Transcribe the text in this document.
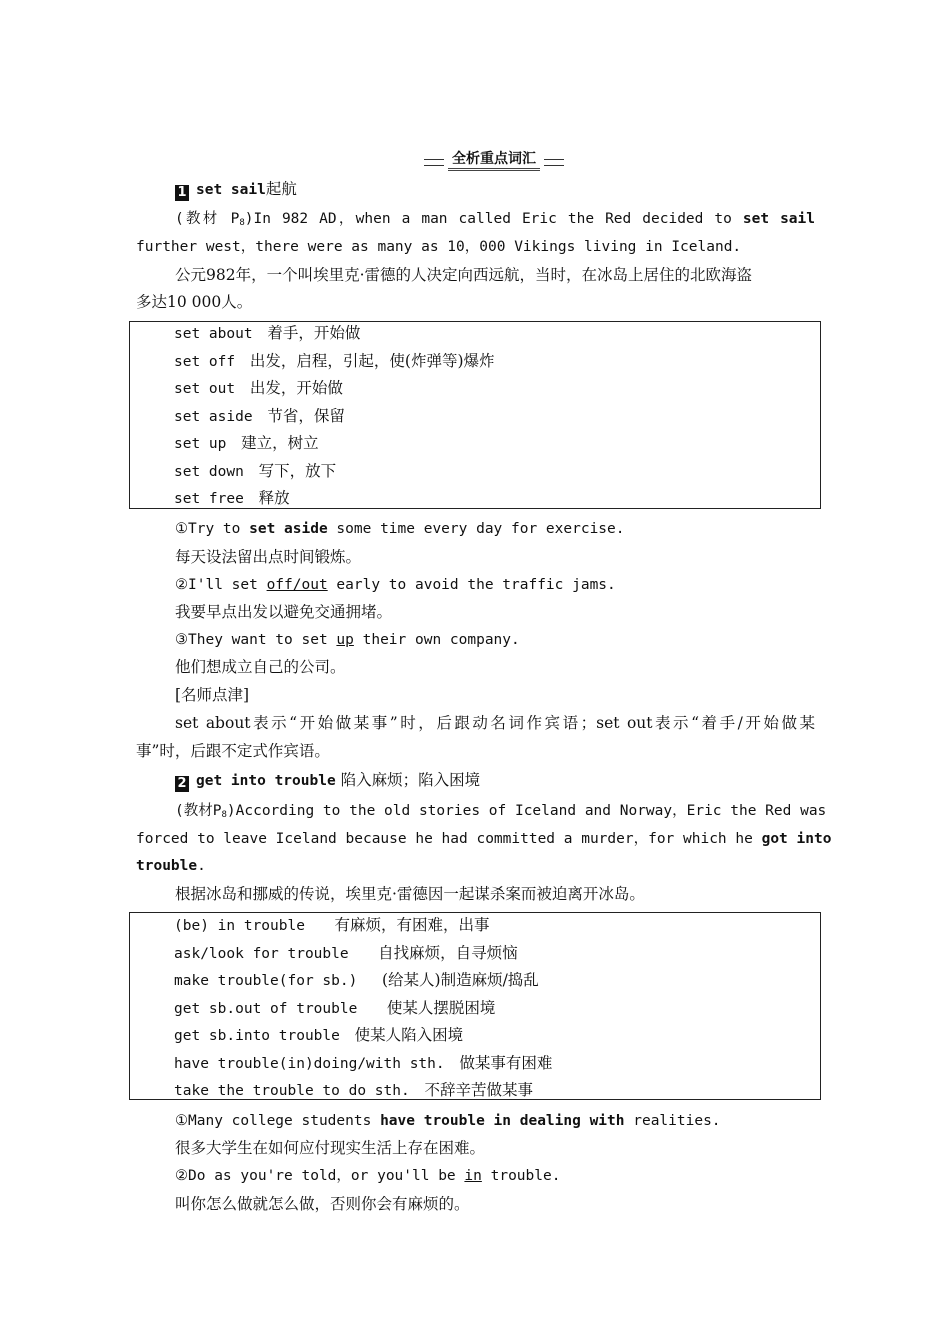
全析重点词汇
1 set sail起航
(教材 $P_8)In$ 982 AD，when a man called Eric the Red decided to set sail
further west，there were as many as 10，000 Vikings living in Iceland.
公元982年，一个叫埃里克·雷德的人决定向西远航，当时，在冰岛上居住的北欧海盗
多达10 000人。
set about 着手，开始做
set off 出发，启程，引起，使(炸弹等)爆炸
set out 出发，开始做
set aside 节省，保留
set up 建立，树立
set down 写下，放下
set free 释放
①Try to set aside some time every day for exercise.
每天设法留出点时间锻炼。
②I'll set off/out early to avoid the traffic jams.
我要早点出发以避免交通拥堵。
③They want to set up their own company.
他们想成立自己的公司。
[名师点津]
set about表示“开始做某事”时，后跟动名词作宾语；set out表示“着手/开始做某
事”时，后跟不定式作宾语。
2 get into trouble 陷入麻烦；陷入困境
(教材$P_8)According$ to the old stories of Iceland and Norway，Eric the Red was
forced to leave Iceland because he had committed a murder，for which he got into
trouble.
根据冰岛和挪威的传说，埃里克·雷德因一起谋杀案而被迫离开冰岛。
(be) in trouble 有麻烦，有困难，出事
ask/look for trouble 自找麻烦，自寻烦恼
make trouble(for sb.) (给某人)制造麻烦/捣乱
get sb.out of trouble 使某人摆脱困境
get sb.into trouble 使某人陷入困境
have trouble(in)doing/with sth. 做某事有困难
take the trouble to do sth. 不辞辛苦做某事
①Many college students have trouble in dealing with realities.
很多大学生在如何应付现实生活上存在困难。
②Do as you're told，or you'll be in trouble.
叫你怎么做就怎么做，否则你会有麻烦的。
